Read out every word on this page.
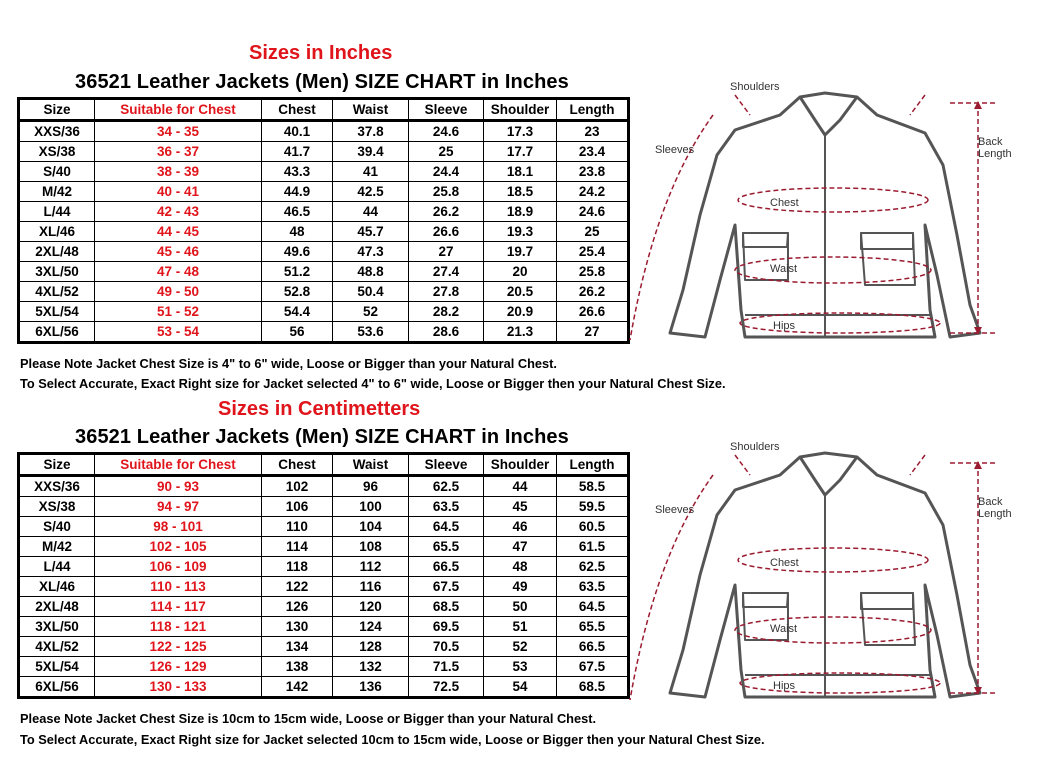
Sizes in Inches
36521 Leather Jackets (Men) SIZE CHART in Inches
Size	Suitable for Chest	Chest	Waist	Sleeve	Shoulder	Length
XXS/36	34 - 35	40.1	37.8	24.6	17.3	23
XS/38	36 - 37	41.7	39.4	25	17.7	23.4
S/40	38 - 39	43.3	41	24.4	18.1	23.8
M/42	40 - 41	44.9	42.5	25.8	18.5	24.2
L/44	42 - 43	46.5	44	26.2	18.9	24.6
XL/46	44 - 45	48	45.7	26.6	19.3	25
2XL/48	45 - 46	49.6	47.3	27	19.7	25.4
3XL/50	47 - 48	51.2	48.8	27.4	20	25.8
4XL/52	49 - 50	52.8	50.4	27.8	20.5	26.2
5XL/54	51 - 52	54.4	52	28.2	20.9	26.6
6XL/56	53 - 54	56	53.6	28.6	21.3	27
Please Note Jacket Chest Size is 4" to 6" wide, Loose or Bigger than your Natural Chest.
To Select Accurate, Exact Right size for Jacket selected 4" to 6" wide, Loose or Bigger then your Natural Chest Size.
Shoulders
Sleeves
Back
Length
Chest
Waist
Hips
Sizes in Centimetters
36521 Leather Jackets (Men) SIZE CHART in Inches
Size	Suitable for Chest	Chest	Waist	Sleeve	Shoulder	Length
XXS/36	90 - 93	102	96	62.5	44	58.5
XS/38	94 - 97	106	100	63.5	45	59.5
S/40	98 - 101	110	104	64.5	46	60.5
M/42	102 - 105	114	108	65.5	47	61.5
L/44	106 - 109	118	112	66.5	48	62.5
XL/46	110 - 113	122	116	67.5	49	63.5
2XL/48	114 - 117	126	120	68.5	50	64.5
3XL/50	118 - 121	130	124	69.5	51	65.5
4XL/52	122 - 125	134	128	70.5	52	66.5
5XL/54	126 - 129	138	132	71.5	53	67.5
6XL/56	130 - 133	142	136	72.5	54	68.5
Please Note Jacket Chest Size is 10cm to 15cm wide, Loose or Bigger than your Natural Chest.
To Select Accurate, Exact Right size for Jacket selected 10cm to 15cm wide, Loose or Bigger then your Natural Chest Size.
Shoulders
Sleeves
Back
Length
Chest
Waist
Hips
